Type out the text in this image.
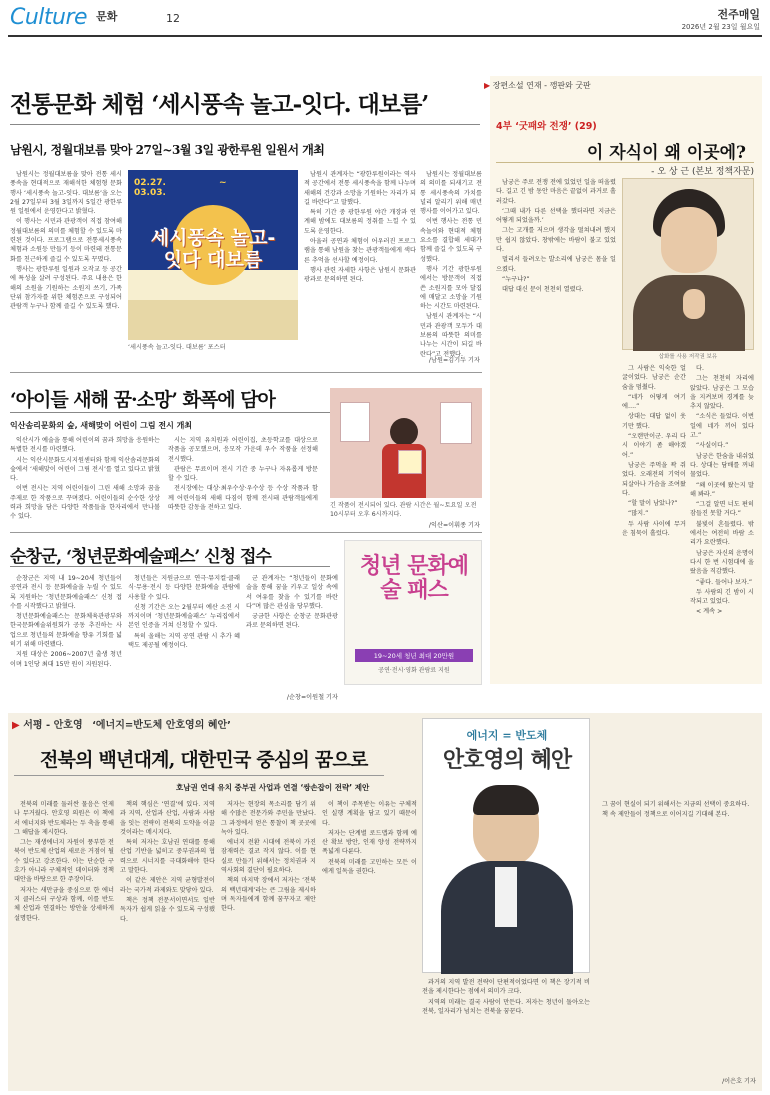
Culture $^{문화}$	12	전주매일
2026년 2월 23일 월요일
전통문화 체험 ‘세시풍속 놀고-잇다. 대보름’
남원시, 정월대보름 맞아 27일~3월 3일 광한루원 일원서 개최

남원시는 정월대보름을 맞아 전통 세시풍속을 현대적으로 재해석한 체험형 문화행사 ‘세시풍속 놀고-잇다. 대보름’을 오는 2월 27일부터 3월 3일까지 5일간 광한루원 일원에서 운영한다고 밝혔다.

이 행사는 시민과 관광객이 직접 참여해 정월대보름의 의미를 체험할 수 있도록 마련된 것이다. 프로그램으로 전통세시풍속 체험과 소원등 만들기 등이 마련돼 전통문화를 친근하게 즐길 수 있도록 꾸몄다.

행사는 광한루원 일원과 오작교 등 공간에 특성을 살려 구성된다. 주요 내용은 한 해의 소원을 기원하는 소원지 쓰기, 가족 단위 참가자를 위한 체험존으로 구성되어 관람객 누구나 함께 즐길 수 있도록 했다.

02.27. ~ 03.03.
세시풍속 놀고-잇다 대보름
‘세시풍속 놀고-잇다. 대보름’ 포스터

남원시 관계자는 “광한루원이라는 역사적 공간에서 전통 세시풍속을 함께 나누며 새해의 건강과 소망을 기원하는 자리가 되길 바란다”고 말했다.

특히 기간 중 광한루원 야간 개장과 연계해 밤에도 대보름의 정취를 느낄 수 있도록 운영한다.

아울러 공연과 체험이 어우러진 프로그램을 통해 남원을 찾는 관광객들에게 색다른 추억을 선사할 예정이다.

행사 관련 자세한 사항은 남원시 문화관광과로 문의하면 된다.

남원시는 정월대보름의 의미를 되새기고 전통 세시풍속의 가치를 널리 알리기 위해 매년 행사를 이어가고 있다.

이번 행사는 전통 민속놀이와 현대적 체험 요소를 결합해 세대가 함께 즐길 수 있도록 구성했다.

행사 기간 광한루원에서는 방문객이 직접 쓴 소원지를 모아 달집에 매달고 소망을 기원하는 시간도 마련된다.

남원시 관계자는 “시민과 관광객 모두가 대보름의 따뜻한 의미를 나누는 시간이 되길 바란다”고 전했다.

/남원=김기두 기자
‘아이들 새해 꿈·소망’ 화폭에 담아
익산솜리문화의 숲, 새해맞이 어린이 그림 전시 개최

익산시가 예술을 통해 어린이의 꿈과 희망을 응원하는 특별한 전시를 마련했다.

시는 익산시문화도시지원센터와 함께 익산솜리문화의 숲에서 ‘새해맞이 어린이 그림 전시’를 열고 있다고 밝혔다.

이번 전시는 지역 어린이들이 그린 새해 소망과 꿈을 주제로 한 작품으로 꾸며졌다. 어린이들의 순수한 상상력과 희망을 담은 다양한 작품들을 한자리에서 만나볼 수 있다.

시는 지역 유치원과 어린이집, 초등학교를 대상으로 작품을 공모했으며, 응모작 가운데 우수 작품을 선정해 전시했다.

관람은 무료이며 전시 기간 중 누구나 자유롭게 방문할 수 있다.

전시장에는 대상·최우수상·우수상 등 수상 작품과 함께 어린이들의 새해 다짐이 함께 전시돼 관람객들에게 따뜻한 감동을 전하고 있다.	긴 작품이 전시되어 있다. 관람 시간은 월~토요일 오전 10시부터 오후 6시까지다.
/익산=이휘종 기자
순창군, ‘청년문화예술패스’ 신청 접수

순창군은 지역 내 19~20세 청년들이 공연과 전시 등 문화예술을 누릴 수 있도록 지원하는 ‘청년문화예술패스’ 신청 접수를 시작했다고 밝혔다.

청년문화예술패스는 문화체육관광부와 한국문화예술위원회가 공동 추진하는 사업으로 청년들의 문화예술 향유 기회를 넓히기 위해 마련됐다.

지원 대상은 2006~2007년 출생 청년이며 1인당 최대 15만 원이 지원된다.

청년들은 지원금으로 연극·뮤지컬·클래식·무용·전시 등 다양한 문화예술 관람에 사용할 수 있다.

신청 기간은 오는 2월부터 예산 소진 시까지이며 ‘청년문화예술패스’ 누리집에서 본인 인증을 거쳐 신청할 수 있다.

특히 올해는 지역 공연 관람 시 추가 혜택도 제공될 예정이다.

군 관계자는 “청년들이 문화예술을 통해 꿈을 키우고 일상 속에서 여유를 찾을 수 있기를 바란다”며 많은 관심을 당부했다.

궁금한 사항은 순창군 문화관광과로 문의하면 된다.

청년 문화예술 패스
19~20세 청년 최대 20만원
공연·전시·영화 관람료 지원
/순창=이원철 기자
▶ 장편소설 연재 - 깽판와 굿판
4부 ‘굿패와 전쟁’ (29)
이 자식이 왜 이곳에?
- 오 상 근 (본보 정책자문)

남궁은 주로 전쟁 전에 있었던 일을 떠올렸다. 길고 긴 밤 동안 마음은 끝없이 과거로 흘러갔다.

‘그때 내가 다른 선택을 했더라면 지금은 어떻게 되었을까.’

그는 고개를 저으며 생각을 떨쳐내려 했지만 쉽지 않았다. 창밖에는 바람이 불고 있었다.

멀리서 들려오는 발소리에 남궁은 몸을 일으켰다.

“누구냐?”

대답 대신 문이 천천히 열렸다.

삽화를 사용 저작권 보유

그 사람은 익숙한 얼굴이었다. 남궁은 순간 숨을 멈췄다.

“네가 어떻게 여기에….”

상대는 대답 없이 웃기만 했다.

“오랜만이군. 우리 다시 이야기 좀 해야겠어.”

남궁은 주먹을 꽉 쥐었다. 오래전의 기억이 되살아나 가슴을 조여왔다.

“할 말이 남았나?”

“많지.”

두 사람 사이에 무거운 침묵이 흘렀다.

다.

그는 천천히 자리에 앉았다. 남궁은 그 모습을 지켜보며 경계를 늦추지 않았다.

“소식은 들었다. 이번 일에 네가 끼어 있다고.”

“사실이다.”

남궁은 한숨을 내쉬었다. 상대는 담배를 꺼내 물었다.

“왜 이곳에 왔는지 말해 봐라.”

“그걸 알면 너도 편히 잠들진 못할 거다.”

불빛이 흔들렸다. 밖에서는 여전히 바람 소리가 요란했다.

남궁은 자신의 운명이 다시 한 번 시험대에 올랐음을 직감했다.

“좋다. 들어나 보자.”

두 사람의 긴 밤이 시작되고 있었다.

< 계속 >

▶ 서평 - 안호영 ‘에너지=반도체 안호영의 혜안’
전북의 백년대계, 대한민국 중심의 꿈으로
호남권 연대 유치 중부권 사업과 연결 ‘쌍손잡이 전략’ 제안

전북의 미래를 둘러싼 물음은 언제나 무거웠다. 안호영 의원은 이 책에서 에너지와 반도체라는 두 축을 통해 그 해답을 제시한다.

그는 재생에너지 자원이 풍부한 전북이 반도체 산업의 새로운 거점이 될 수 있다고 강조한다. 이는 단순한 구호가 아니라 구체적인 데이터와 정책 대안을 바탕으로 한 주장이다.

저자는 새만금을 중심으로 한 에너지 클러스터 구상과 함께, 이를 반도체 산업과 연결하는 방안을 상세하게 설명한다.

책의 핵심은 ‘연결’에 있다. 지역과 지역, 산업과 산업, 사람과 사람을 잇는 전략이 전북의 도약을 이끌 것이라는 메시지다.

특히 저자는 호남권 연대를 통해 산업 기반을 넓히고 중부권과의 협력으로 시너지를 극대화해야 한다고 말한다.

이 같은 제안은 지역 균형발전이라는 국가적 과제와도 맞닿아 있다.

책은 정책 전문서이면서도 일반 독자가 쉽게 읽을 수 있도록 구성됐다.

저자는 현장의 목소리를 담기 위해 수많은 전문가와 주민을 만났다. 그 과정에서 얻은 통찰이 책 곳곳에 녹아 있다.

에너지 전환 시대에 전북이 가진 잠재력은 결코 작지 않다. 이를 현실로 만들기 위해서는 정치권과 지역사회의 결단이 필요하다.

책의 마지막 장에서 저자는 ‘전북의 백년대계’라는 큰 그림을 제시하며 독자들에게 함께 꿈꾸자고 제안한다.

이 책이 주목받는 이유는 구체적인 실행 계획을 담고 있기 때문이다.

저자는 단계별 로드맵과 함께 예산 확보 방안, 인재 양성 전략까지 폭넓게 다룬다.

전북의 미래를 고민하는 모든 이에게 일독을 권한다.

에너지 = 반도체
안호영의 혜안

과거의 지역 발전 전략이 단편적이었다면 이 책은 장기적 비전을 제시한다는 점에서 의미가 크다.

지역의 미래는 결국 사람이 만든다. 저자는 청년이 돌아오는 전북, 일자리가 넘치는 전북을 꿈꾼다.

그 꿈이 현실이 되기 위해서는 지금의 선택이 중요하다.

책 속 제안들이 정책으로 이어지길 기대해 본다.

/이은호 기자
